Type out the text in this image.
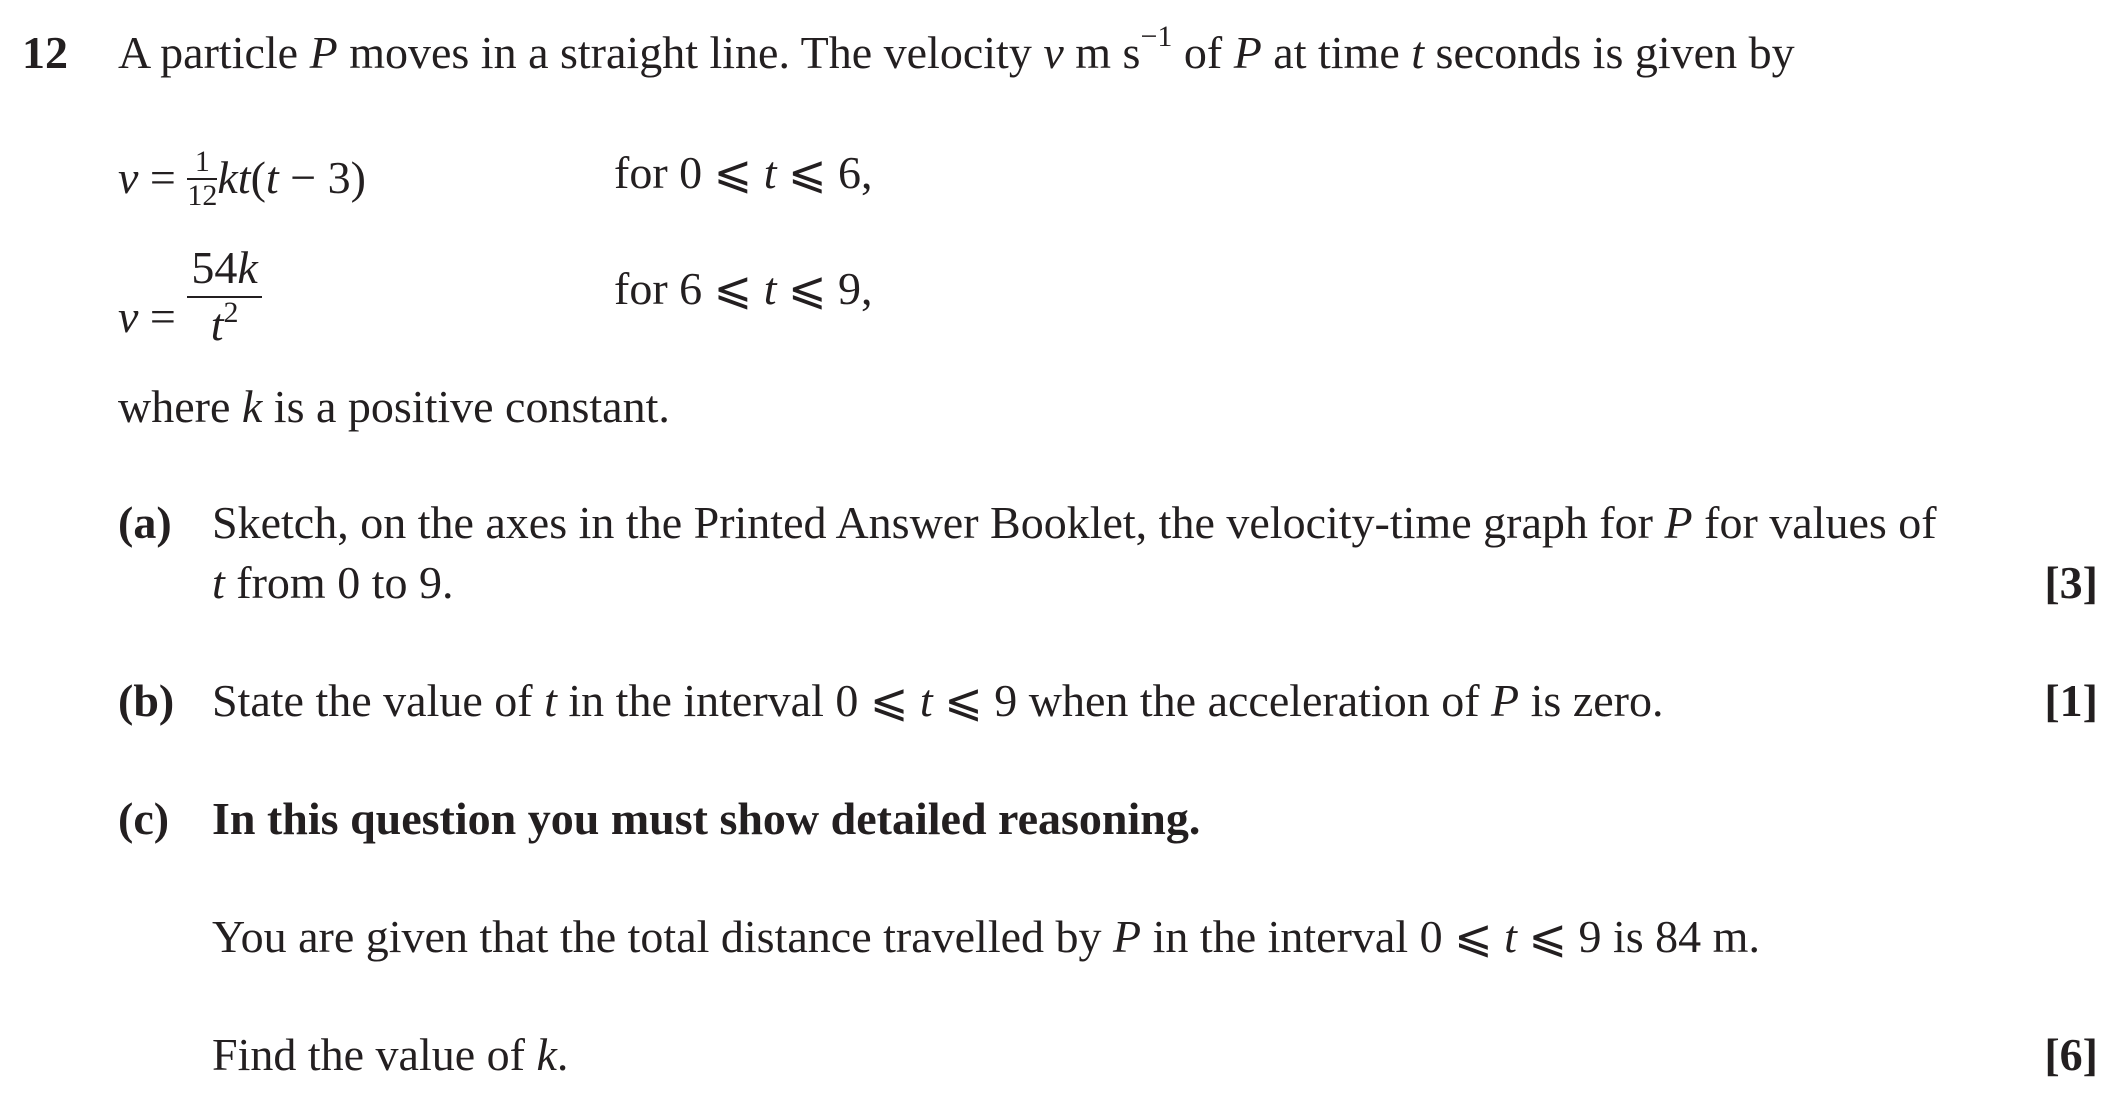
12 A particle P moves in a straight line. The velocity v m $s^{-1}$ of P at time t seconds is given by
$v = \frac{1}{12} kt(t - 3)$	for 0 ⩽ t ⩽ 6,
$v = \frac{54k}{t^2}$	for 6 ⩽ t ⩽ 9,
where k is a positive constant.
(a) Sketch, on the axes in the Printed Answer Booklet, the velocity-time graph for P for values of
t from 0 to 9.	[3]
(b) State the value of t in the interval 0 ⩽ t ⩽ 9 when the acceleration of P is zero.	[1]
(c) In this question you must show detailed reasoning.
You are given that the total distance travelled by P in the interval 0 ⩽ t ⩽ 9 is 84 m.
Find the value of k.	[6]
